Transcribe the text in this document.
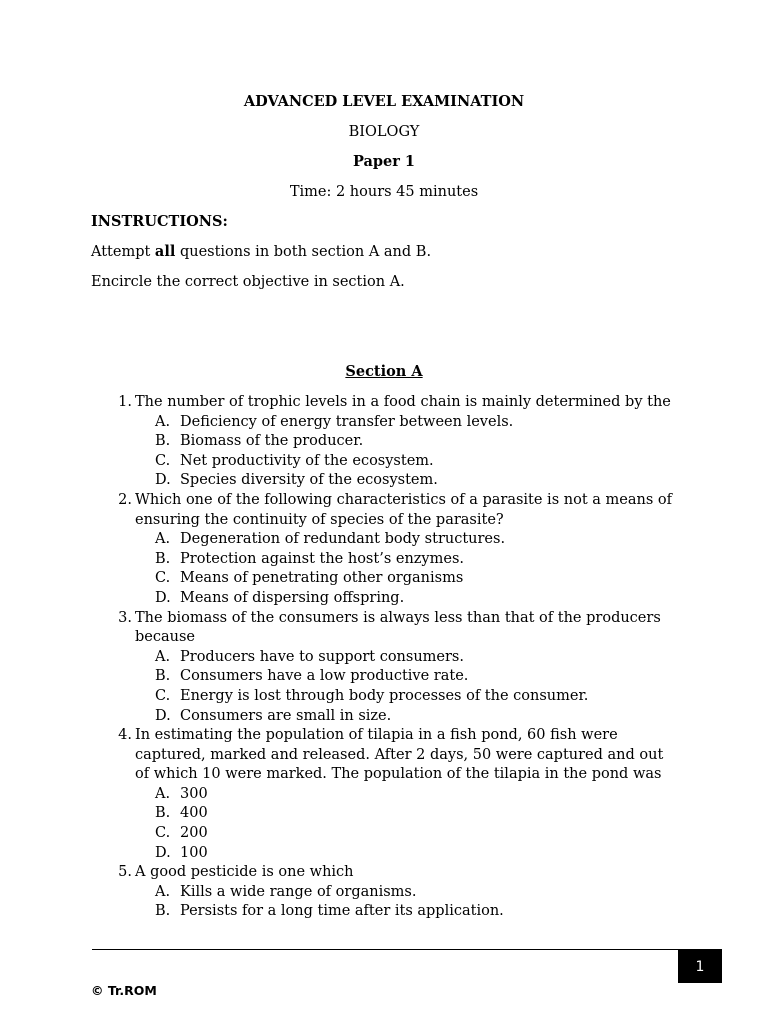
ADVANCED LEVEL EXAMINATION
BIOLOGY
Paper 1
Time: 2 hours 45 minutes
INSTRUCTIONS:
Attempt all questions in both section A and B.
Encircle the correct objective in section A.
Section A
1. The number of trophic levels in a food chain is mainly determined by the
A. Deficiency of energy transfer between levels.
B. Biomass of the producer.
C. Net productivity of the ecosystem.
D. Species diversity of the ecosystem.
2. Which one of the following characteristics of a parasite is not a means of
ensuring the continuity of species of the parasite?
A. Degeneration of redundant body structures.
B. Protection against the host’s enzymes.
C. Means of penetrating other organisms
D. Means of dispersing offspring.
3. The biomass of the consumers is always less than that of the producers
because
A. Producers have to support consumers.
B. Consumers have a low productive rate.
C. Energy is lost through body processes of the consumer.
D. Consumers are small in size.
4. In estimating the population of tilapia in a fish pond, 60 fish were
captured, marked and released. After 2 days, 50 were captured and out
of which 10 were marked. The population of the tilapia in the pond was
A. 300
B. 400
C. 200
D. 100
5. A good pesticide is one which
A. Kills a wide range of organisms.
B. Persists for a long time after its application.
1
© Tr.ROM
